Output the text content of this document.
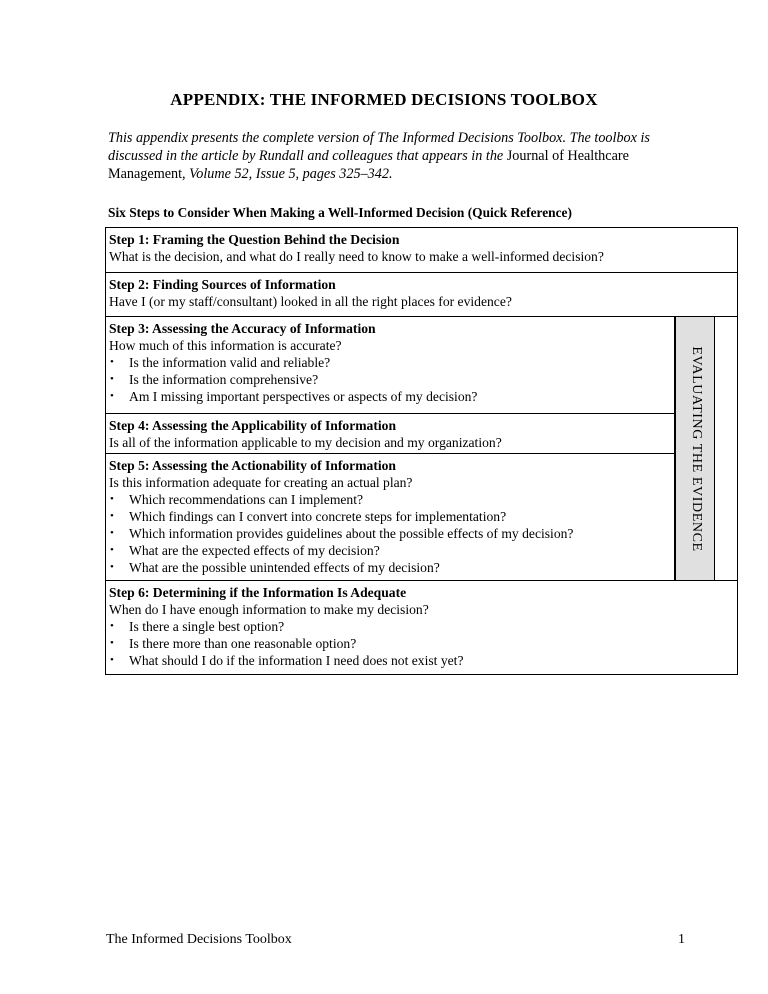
APPENDIX: THE INFORMED DECISIONS TOOLBOX
This appendix presents the complete version of The Informed Decisions Toolbox. The toolbox is discussed in the article by Rundall and colleagues that appears in the Journal of Healthcare Management, Volume 52, Issue 5, pages 325–342.
Six Steps to Consider When Making a Well-Informed Decision (Quick Reference)
Step 1: Framing the Question Behind the Decision
What is the decision, and what do I really need to know to make a well-informed decision?
Step 2: Finding Sources of Information
Have I (or my staff/consultant) looked in all the right places for evidence?
Step 3: Assessing the Accuracy of Information
How much of this information is accurate?
• Is the information valid and reliable?
• Is the information comprehensive?
• Am I missing important perspectives or aspects of my decision?
Step 4: Assessing the Applicability of Information
Is all of the information applicable to my decision and my organization?
Step 5: Assessing the Actionability of Information
Is this information adequate for creating an actual plan?
• Which recommendations can I implement?
• Which findings can I convert into concrete steps for implementation?
• Which information provides guidelines about the possible effects of my decision?
• What are the expected effects of my decision?
• What are the possible unintended effects of my decision?
EVALUATING THE EVIDENCE
Step 6: Determining if the Information Is Adequate
When do I have enough information to make my decision?
• Is there a single best option?
• Is there more than one reasonable option?
• What should I do if the information I need does not exist yet?
The Informed Decisions Toolbox	1
